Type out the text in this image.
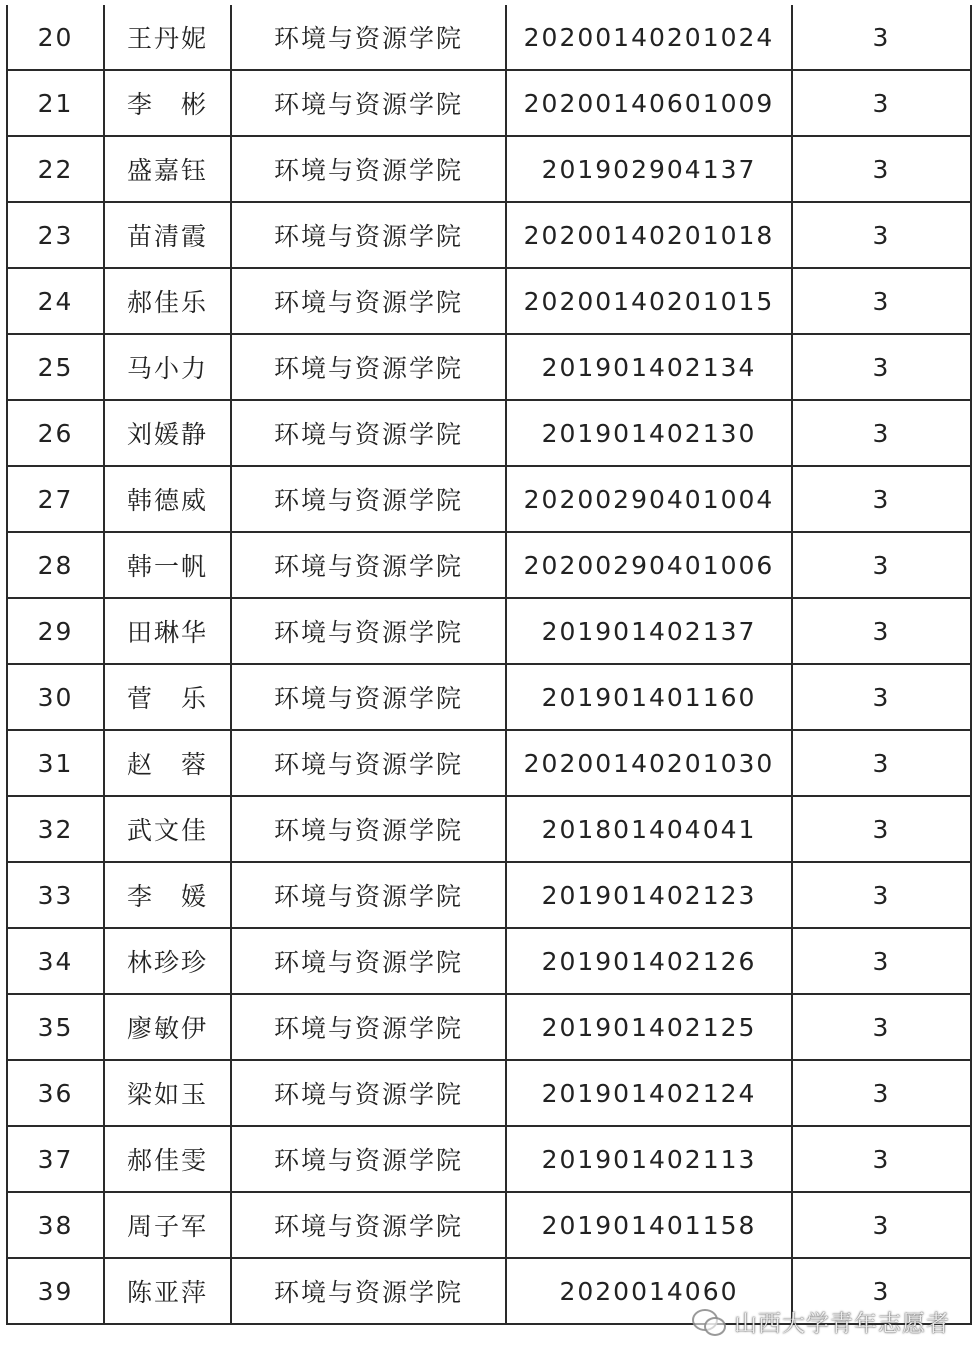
20	王丹妮	环境与资源学院	20200140201024	3
21	李　彬	环境与资源学院	20200140601009	3
22	盛嘉钰	环境与资源学院	201902904137	3
23	苗清霞	环境与资源学院	20200140201018	3
24	郝佳乐	环境与资源学院	20200140201015	3
25	马小力	环境与资源学院	201901402134	3
26	刘媛静	环境与资源学院	201901402130	3
27	韩德威	环境与资源学院	20200290401004	3
28	韩一帆	环境与资源学院	20200290401006	3
29	田琳华	环境与资源学院	201901402137	3
30	菅　乐	环境与资源学院	201901401160	3
31	赵　蓉	环境与资源学院	20200140201030	3
32	武文佳	环境与资源学院	201801404041	3
33	李　媛	环境与资源学院	201901402123	3
34	林珍珍	环境与资源学院	201901402126	3
35	廖敏伊	环境与资源学院	201901402125	3
36	梁如玉	环境与资源学院	201901402124	3
37	郝佳雯	环境与资源学院	201901402113	3
38	周子军	环境与资源学院	201901401158	3
39	陈亚萍	环境与资源学院	2020014060	3
山西大学青年志愿者
